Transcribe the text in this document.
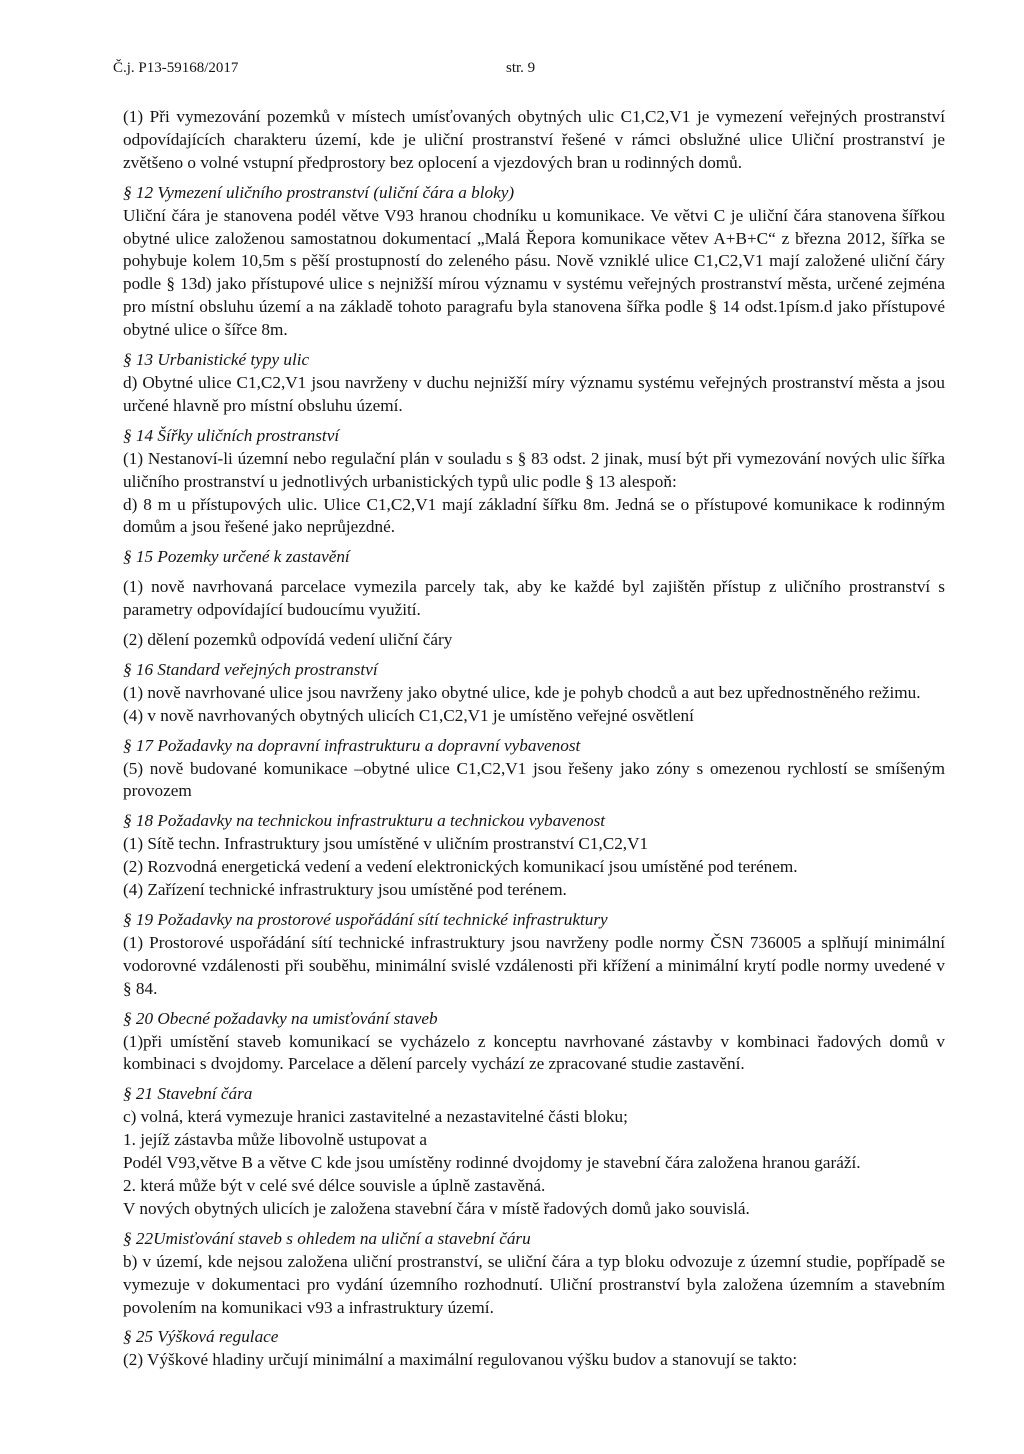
Č.j. P13-59168/2017	str. 9
(1) Při vymezování pozemků v místech umísťovaných obytných ulic C1,C2,V1 je vymezení veřejných prostranství odpovídajících charakteru území, kde je uliční prostranství řešené v rámci obslužné ulice Uliční prostranství je zvětšeno o volné vstupní předprostory bez oplocení a vjezdových bran u rodinných domů.
§ 12 Vymezení uličního prostranství (uliční čára a bloky)
Uliční čára je stanovena podél větve V93 hranou chodníku u komunikace. Ve větvi C je uliční čára stanovena šířkou obytné ulice založenou samostatnou dokumentací „Malá Řepora komunikace větev A+B+C“ z března 2012, šířka se pohybuje kolem 10,5m s pěší prostupností do zeleného pásu. Nově vzniklé ulice C1,C2,V1 mají založené uliční čáry podle § 13d) jako přístupové ulice s nejnižší mírou významu v systému veřejných prostranství města, určené zejména pro místní obsluhu území a na základě tohoto paragrafu byla stanovena šířka podle § 14 odst.1písm.d jako přístupové obytné ulice o šířce 8m.
§ 13 Urbanistické typy ulic
d) Obytné ulice C1,C2,V1 jsou navrženy v duchu nejnižší míry významu systému veřejných prostranství města a jsou určené hlavně pro místní obsluhu území.
§ 14 Šířky uličních prostranství
(1) Nestanoví-li územní nebo regulační plán v souladu s § 83 odst. 2 jinak, musí být při vymezování nových ulic šířka uličního prostranství u jednotlivých urbanistických typů ulic podle § 13 alespoň:
d) 8 m u přístupových ulic. Ulice C1,C2,V1 mají základní šířku 8m. Jedná se o přístupové komunikace k rodinným domům a jsou řešené jako neprůjezdné.
§ 15 Pozemky určené k zastavění
(1) nově navrhovaná parcelace vymezila parcely tak, aby ke každé byl zajištěn přístup z uličního prostranství s parametry odpovídající budoucímu využití.
(2) dělení pozemků odpovídá vedení uliční čáry
§ 16 Standard veřejných prostranství
(1) nově navrhované ulice jsou navrženy jako obytné ulice, kde je pohyb chodců a aut bez upřednostněného režimu.
(4) v nově navrhovaných obytných ulicích C1,C2,V1 je umístěno veřejné osvětlení
§ 17 Požadavky na dopravní infrastrukturu a dopravní vybavenost
(5) nově budované komunikace –obytné ulice C1,C2,V1 jsou řešeny jako zóny s omezenou rychlostí se smíšeným provozem
§ 18 Požadavky na technickou infrastrukturu a technickou vybavenost
(1) Sítě techn. Infrastruktury jsou umístěné v uličním prostranství C1,C2,V1
(2) Rozvodná energetická vedení a vedení elektronických komunikací jsou umístěné pod terénem.
(4) Zařízení technické infrastruktury jsou umístěné pod terénem.
§ 19 Požadavky na prostorové uspořádání sítí technické infrastruktury
(1) Prostorové uspořádání sítí technické infrastruktury jsou navrženy podle normy ČSN 736005 a splňují minimální vodorovné vzdálenosti při souběhu, minimální svislé vzdálenosti při křížení a minimální krytí podle normy uvedené v § 84.
§ 20 Obecné požadavky na umisťování staveb
(1)při umístění staveb komunikací se vycházelo z konceptu navrhované zástavby v kombinaci řadových domů v kombinaci s dvojdomy. Parcelace a dělení parcely vychází ze zpracované studie zastavění.
§ 21 Stavební čára
c) volná, která vymezuje hranici zastavitelné a nezastavitelné části bloku;
1. jejíž zástavba může libovolně ustupovat a
Podél V93,větve B a větve C kde jsou umístěny rodinné dvojdomy je stavební čára založena hranou garáží.
2. která může být v celé své délce souvisle a úplně zastavěná.
V nových obytných ulicích je založena stavební čára v místě řadových domů jako souvislá.
§ 22Umisťování staveb s ohledem na uliční a stavební čáru
b) v území, kde nejsou založena uliční prostranství, se uliční čára a typ bloku odvozuje z územní studie, popřípadě se vymezuje v dokumentaci pro vydání územního rozhodnutí. Uliční prostranství byla založena územním a stavebním povolením na komunikaci v93 a infrastruktury území.
§ 25 Výšková regulace
(2) Výškové hladiny určují minimální a maximální regulovanou výšku budov a stanovují se takto:
